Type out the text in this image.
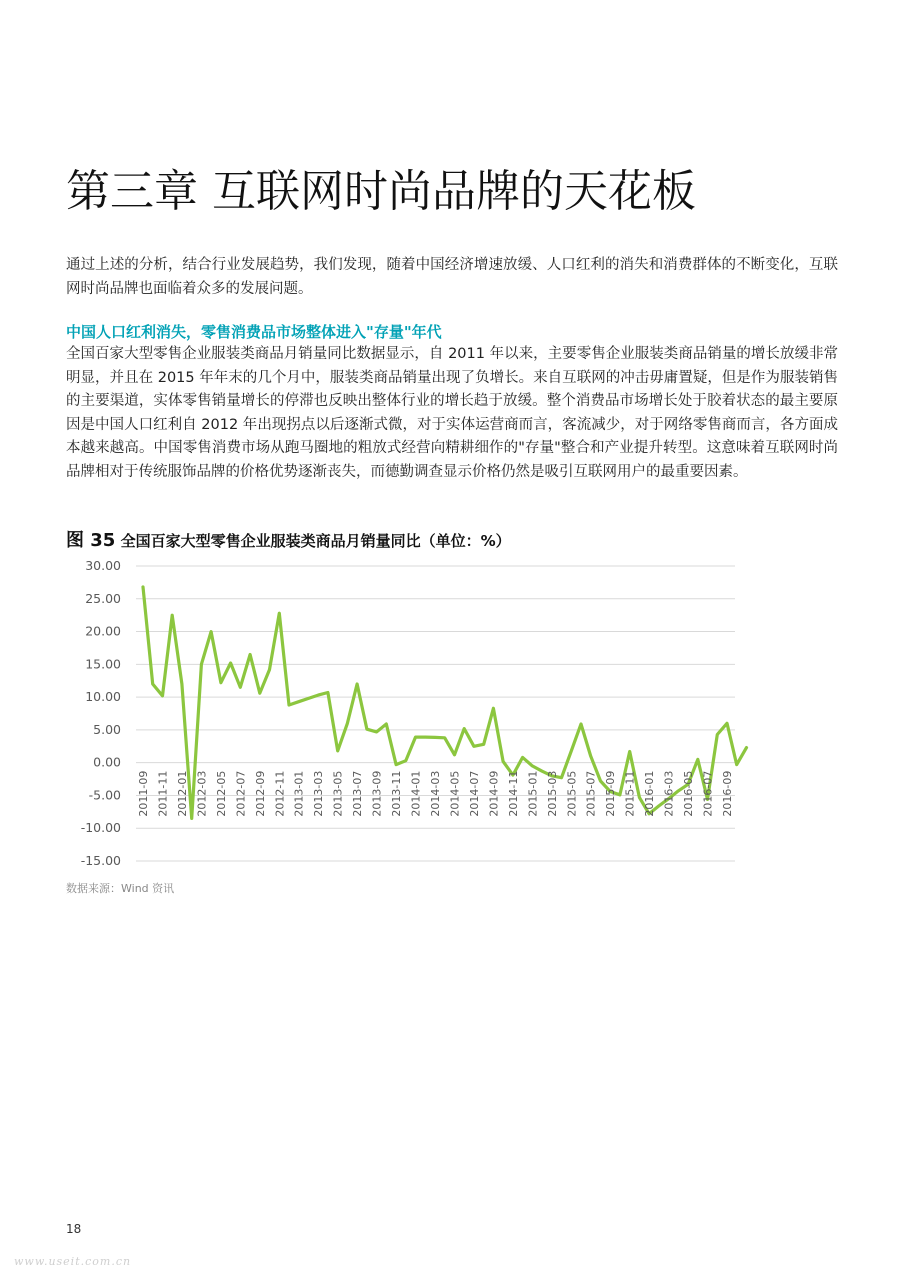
第三章 互联网时尚品牌的天花板

通过上述的分析，结合行业发展趋势，我们发现，随着中国经济增速放缓、人口红利的消失和消费群体的不断变化，互联网时尚品牌也面临着众多的发展问题。

中国人口红利消失，零售消费品市场整体进入"存量"年代

全国百家大型零售企业服装类商品月销量同比数据显示，自 2011 年以来，主要零售企业服装类商品销量的增长放缓非常明显，并且在 2015 年年末的几个月中，服装类商品销量出现了负增长。来自互联网的冲击毋庸置疑，但是作为服装销售的主要渠道，实体零售销量增长的停滞也反映出整体行业的增长趋于放缓。整个消费品市场增长处于胶着状态的最主要原因是中国人口红利自 2012 年出现拐点以后逐渐式微，对于实体运营商而言，客流减少，对于网络零售商而言，各方面成本越来越高。中国零售消费市场从跑马圈地的粗放式经营向精耕细作的"存量"整合和产业提升转型。这意味着互联网时尚品牌相对于传统服饰品牌的价格优势逐渐丧失，而德勤调查显示价格仍然是吸引互联网用户的最重要因素。

图 35 全国百家大型零售企业服装类商品月销量同比（单位：%）

30.00
25.00
20.00
15.00
10.00
5.00
0.00
-5.00
-10.00
-15.00
2011-09 2011-11 2012-01 2012-03 2012-05 2012-07 2012-09 2012-11 2013-01 2013-03 2013-05 2013-07 2013-09 2013-11 2014-01 2014-03 2014-05 2014-07 2014-09 2014-11 2015-01 2015-03 2015-05 2015-07 2015-09 2015-11 2016-01 2016-03 2016-05 2016-07 2016-09

数据来源：Wind 资讯

18

www.useit.com.cn
